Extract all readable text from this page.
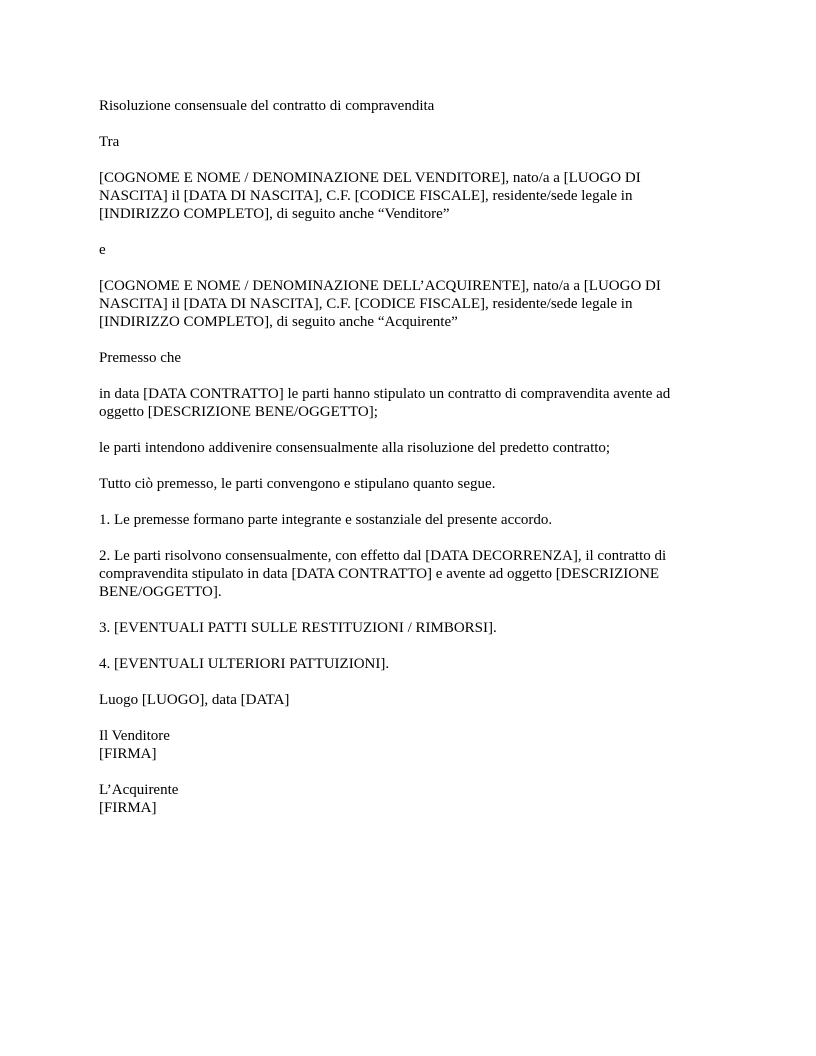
Risoluzione consensuale del contratto di compravendita

Tra

[COGNOME E NOME / DENOMINAZIONE DEL VENDITORE], nato/a a [LUOGO DI
NASCITA] il [DATA DI NASCITA], C.F. [CODICE FISCALE], residente/sede legale in
[INDIRIZZO COMPLETO], di seguito anche “Venditore”

e

[COGNOME E NOME / DENOMINAZIONE DELL’ACQUIRENTE], nato/a a [LUOGO DI
NASCITA] il [DATA DI NASCITA], C.F. [CODICE FISCALE], residente/sede legale in
[INDIRIZZO COMPLETO], di seguito anche “Acquirente”

Premesso che

in data [DATA CONTRATTO] le parti hanno stipulato un contratto di compravendita avente ad
oggetto [DESCRIZIONE BENE/OGGETTO];

le parti intendono addivenire consensualmente alla risoluzione del predetto contratto;

Tutto ciò premesso, le parti convengono e stipulano quanto segue.

1. Le premesse formano parte integrante e sostanziale del presente accordo.

2. Le parti risolvono consensualmente, con effetto dal [DATA DECORRENZA], il contratto di
compravendita stipulato in data [DATA CONTRATTO] e avente ad oggetto [DESCRIZIONE
BENE/OGGETTO].

3. [EVENTUALI PATTI SULLE RESTITUZIONI / RIMBORSI].

4. [EVENTUALI ULTERIORI PATTUIZIONI].

Luogo [LUOGO], data [DATA]

Il Venditore
[FIRMA]

L’Acquirente
[FIRMA]
